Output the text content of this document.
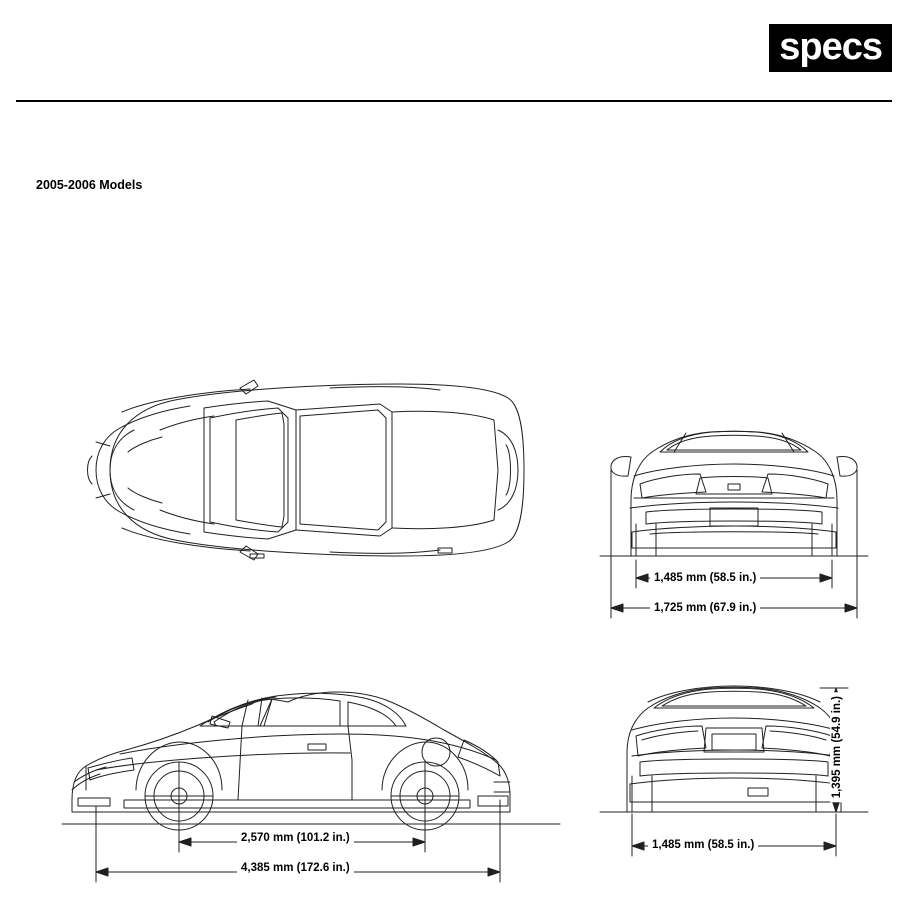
specs
2005-2006 Models
1,485 mm (58.5 in.)
1,725 mm (67.9 in.)
2,570 mm (101.2 in.)
4,385 mm (172.6 in.)
1,485 mm (58.5 in.)
1,395 mm (54.9 in.)
